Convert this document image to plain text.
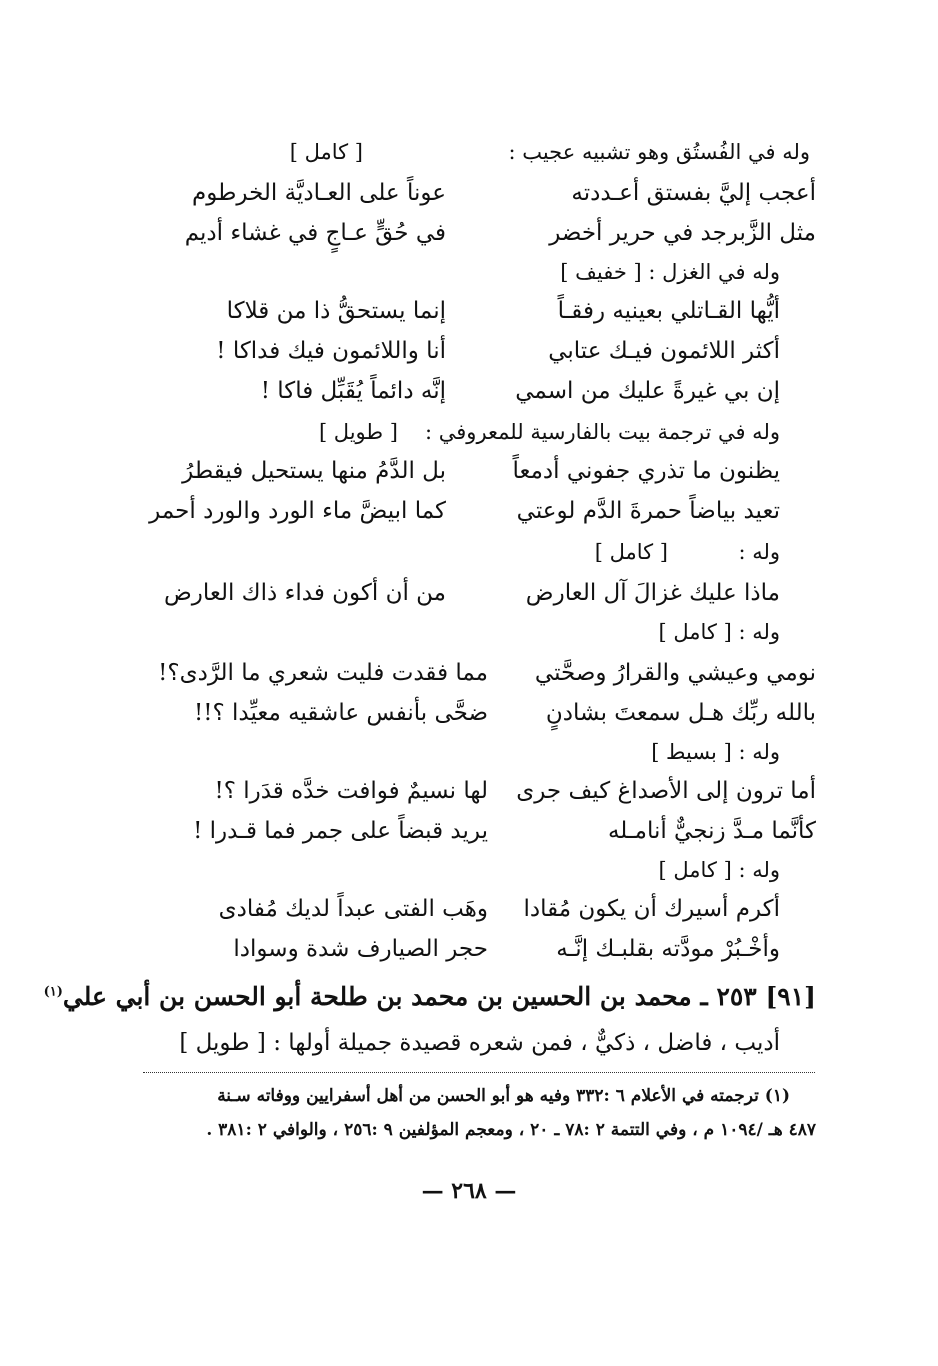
وله في الفُستُق وهو تشبيه عجيب :
[ كامل ]
أعجب إليَّ بفستق أعـددته
عوناً على العـاديَّة الخرطوم
مثل الزَّبرجد في حرير أخضر
في حُقٍّ عـاجٍ في غشاء أديم
وله في الغزل : [ خفيف ]
أيُّها القـاتلي بعينيه رفقـاً
إنما يستحقُّ ذا من قلاكا
أكثر اللائمون فيـك عتابي
أنا واللائمون فيك فداكا !
إن بي غيرةً عليك من اسمي
إنَّه دائماً يُقَبِّل فاكا !
وله في ترجمة بيت بالفارسية للمعروفي :
[ طويل ]
يظنون ما تذري جفوني أدمعاً
بل الدَّمُ منها يستحيل فيقطرُ
تعيد بياضاً حمرةَ الدَّم لوعتي
كما ابيضَّ ماء الورد والورد أحمر
وله :
[ كامل ]
ماذا عليك غزالَ آل العارض
من أن أكون فداء ذاك العارض
وله : [ كامل ]
نومي وعيشي والقرارُ وصحَّتي
مما فقدت فليت شعري ما الرَّدى؟!
بالله ربِّك هـل سمعتَ بشادنٍ
ضحَّى بأنفس عاشقيه معيِّدا ؟!!
وله : [ بسيط ]
أما ترون إلى الأصداغ كيف جرى
لها نسيمٌ فوافت خدَّه قدَرا ؟!
كأنَّما مـدَّ زنجيٌّ أنامـله
يريد قبضاً على جمر فما قـدرا !
وله : [ كامل ]
أكرم أسيرك أن يكون مُقادا
وهَب الفتى عبداً لديك مُفادى
وأخْـبُرْ مودَّته بقلبـك إنَّـه
حجر الصيارف شدة وسوادا
[٩١] ٢٥٣ ـ محمد بن الحسين بن محمد بن طلحة أبو الحسن بن أبي علي$^{(١)}$
أديب ، فاضل ، ذكيٌّ ، فمن شعره قصيدة جميلة أولها : [ طويل ]
(١) ترجمته في الأعلام ٦ :٣٣٢ وفيه هو أبو الحسن من أهل أسفرايين ووفاته سـنة
٤٨٧ هـ /١٠٩٤ م ، وفي التتمة ٢ :٧٨ ـ ٢٠ ، ومعجم المؤلفين ٩ :٢٥٦ ، والوافي ٢ :٣٨١ .
— ٢٦٨ —
